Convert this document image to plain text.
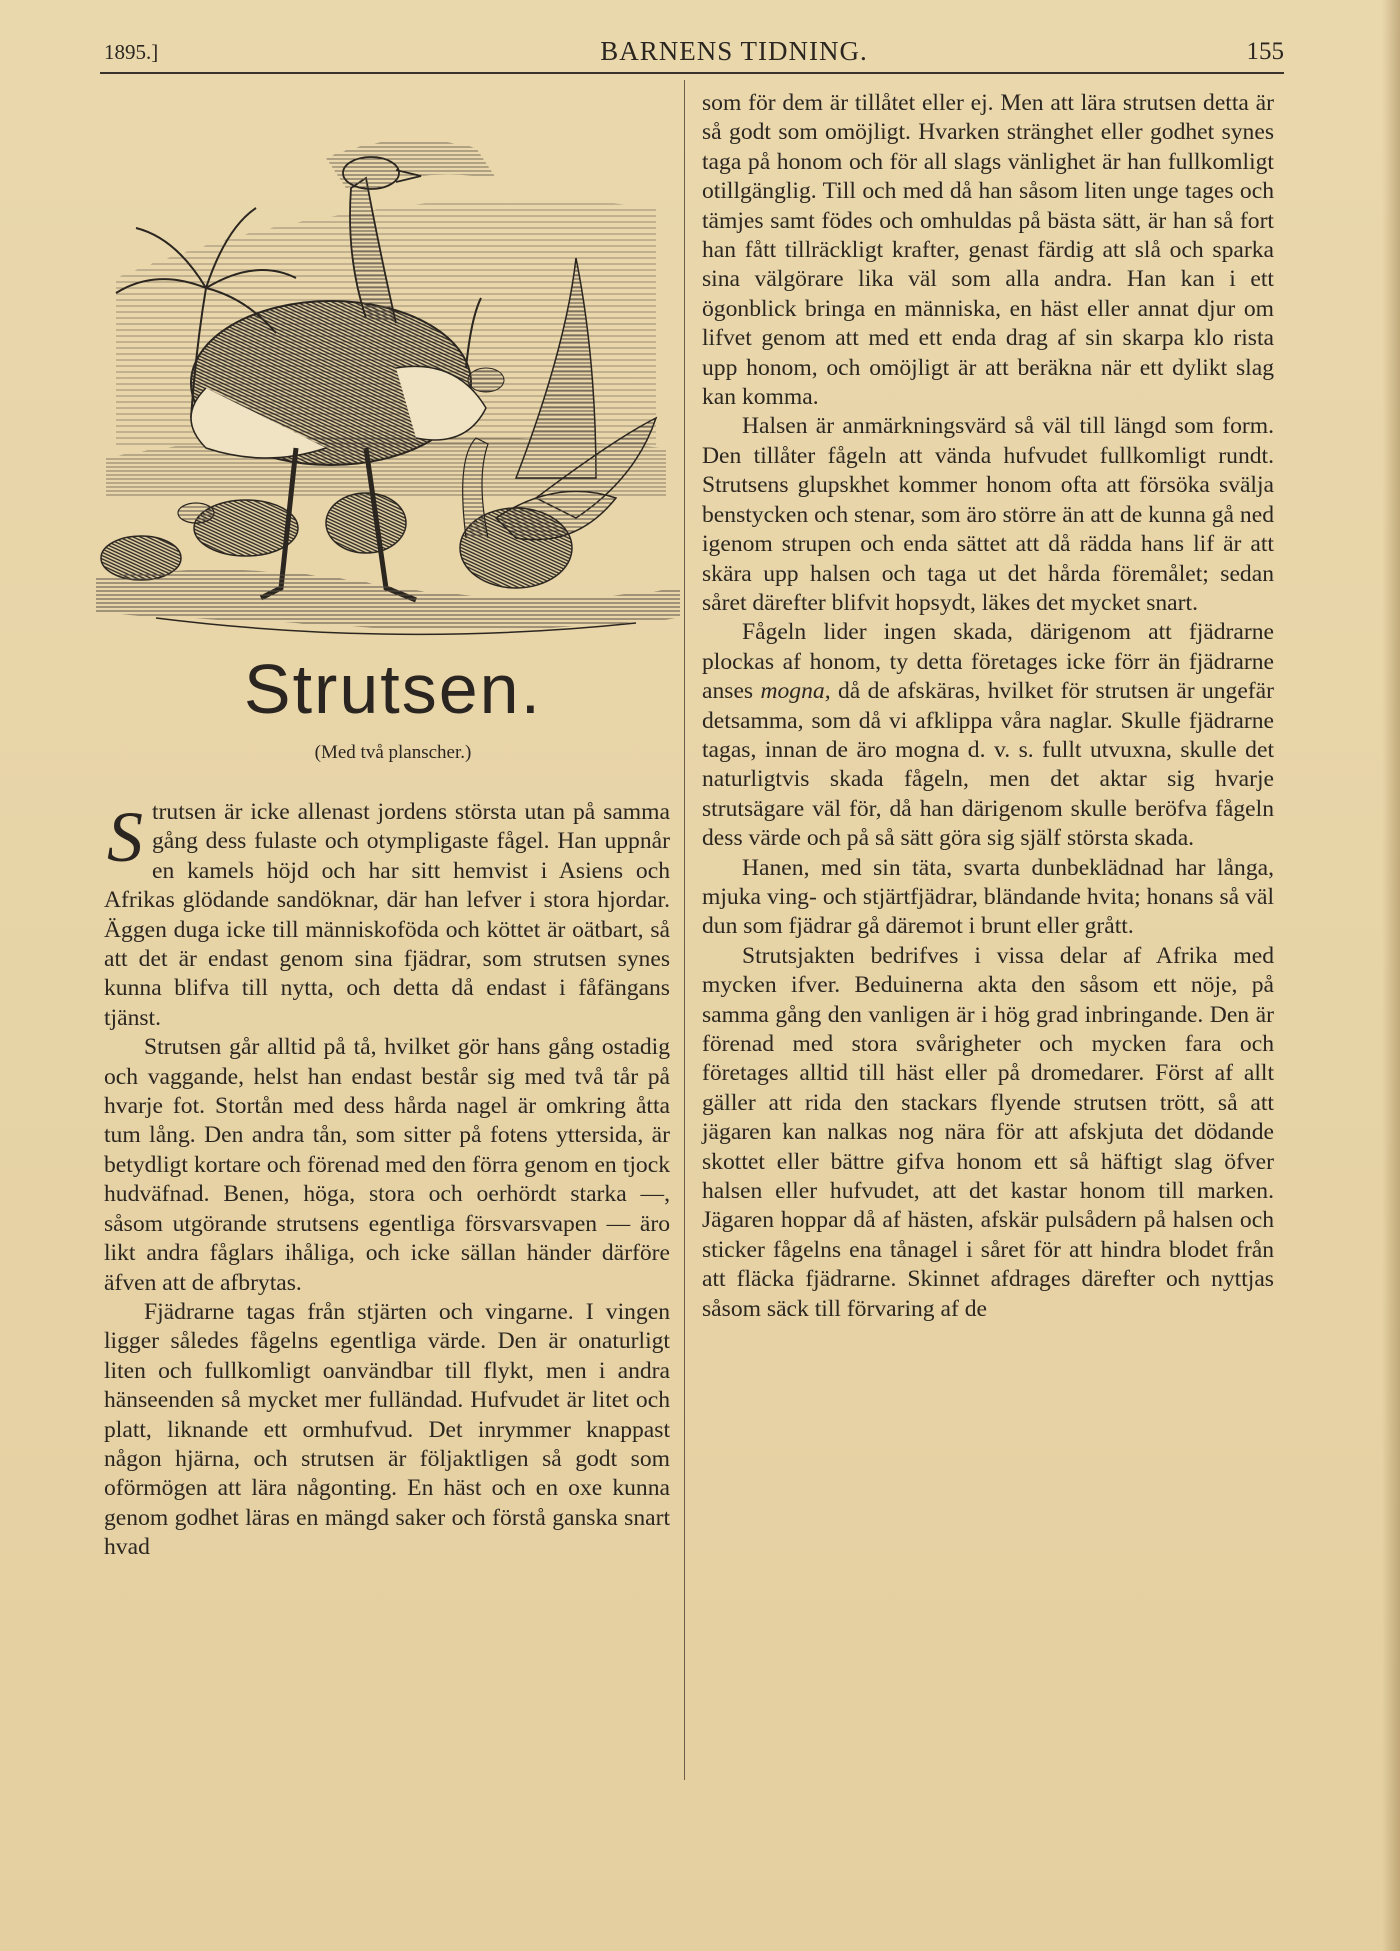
1895.]	BARNENS TIDNING.	155
Strutsen.
(Med två planscher.)

Strutsen är icke allenast jordens största utan på samma gång dess fulaste och otympligaste fågel. Han uppnår en kamels höjd och har sitt hemvist i Asiens och Afrikas glödande sandöknar, där han lefver i stora hjordar. Äggen duga icke till människoföda och köttet är oätbart, så att det är endast genom sina fjädrar, som strutsen synes kunna blifva till nytta, och detta då endast i fåfängans tjänst.

Strutsen går alltid på tå, hvilket gör hans gång ostadig och vaggande, helst han endast består sig med två tår på hvarje fot. Stortån med dess hårda nagel är omkring åtta tum lång. Den andra tån, som sitter på fotens yttersida, är betydligt kortare och förenad med den förra genom en tjock hudväfnad. Benen, höga, stora och oerhördt starka —, såsom utgörande strutsens egentliga försvarsvapen — äro likt andra fåglars ihåliga, och icke sällan händer därföre äfven att de afbrytas.

Fjädrarne tagas från stjärten och vingarne. I vingen ligger således fågelns egentliga värde. Den är onaturligt liten och fullkomligt oanvändbar till flykt, men i andra hänseenden så mycket mer fulländad. Hufvudet är litet och platt, liknande ett ormhufvud. Det inrymmer knappast någon hjärna, och strutsen är följaktligen så godt som oförmögen att lära någonting. En häst och en oxe kunna genom godhet läras en mängd saker och förstå ganska snart hvad

som för dem är tillåtet eller ej. Men att lära strutsen detta är så godt som omöjligt. Hvarken stränghet eller godhet synes taga på honom och för all slags vänlighet är han fullkomligt otillgänglig. Till och med då han såsom liten unge tages och tämjes samt födes och omhuldas på bästa sätt, är han så fort han fått tillräckligt krafter, genast färdig att slå och sparka sina välgörare lika väl som alla andra. Han kan i ett ögonblick bringa en människa, en häst eller annat djur om lifvet genom att med ett enda drag af sin skarpa klo rista upp honom, och omöjligt är att beräkna när ett dylikt slag kan komma.

Halsen är anmärkningsvärd så väl till längd som form. Den tillåter fågeln att vända hufvudet fullkomligt rundt. Strutsens glupskhet kommer honom ofta att försöka svälja benstycken och stenar, som äro större än att de kunna gå ned igenom strupen och enda sättet att då rädda hans lif är att skära upp halsen och taga ut det hårda föremålet; sedan såret därefter blifvit hopsydt, läkes det mycket snart.

Fågeln lider ingen skada, därigenom att fjädrarne plockas af honom, ty detta företages icke förr än fjädrarne anses mogna, då de afskäras, hvilket för strutsen är ungefär detsamma, som då vi afklippa våra naglar. Skulle fjädrarne tagas, innan de äro mogna d. v. s. fullt utvuxna, skulle det naturligtvis skada fågeln, men det aktar sig hvarje strutsägare väl för, då han därigenom skulle beröfva fågeln dess värde och på så sätt göra sig själf största skada.

Hanen, med sin täta, svarta dunbeklädnad har långa, mjuka ving- och stjärtfjädrar, bländande hvita; honans så väl dun som fjädrar gå däremot i brunt eller grått.

Strutsjakten bedrifves i vissa delar af Afrika med mycken ifver. Beduinerna akta den såsom ett nöje, på samma gång den vanligen är i hög grad inbringande. Den är förenad med stora svårigheter och mycken fara och företages alltid till häst eller på dromedarer. Först af allt gäller att rida den stackars flyende strutsen trött, så att jägaren kan nalkas nog nära för att afskjuta det dödande skottet eller bättre gifva honom ett så häftigt slag öfver halsen eller hufvudet, att det kastar honom till marken. Jägaren hoppar då af hästen, afskär pulsådern på halsen och sticker fågelns ena tånagel i såret för att hindra blodet från att fläcka fjädrarne. Skinnet afdrages därefter och nyttjas såsom säck till förvaring af de
